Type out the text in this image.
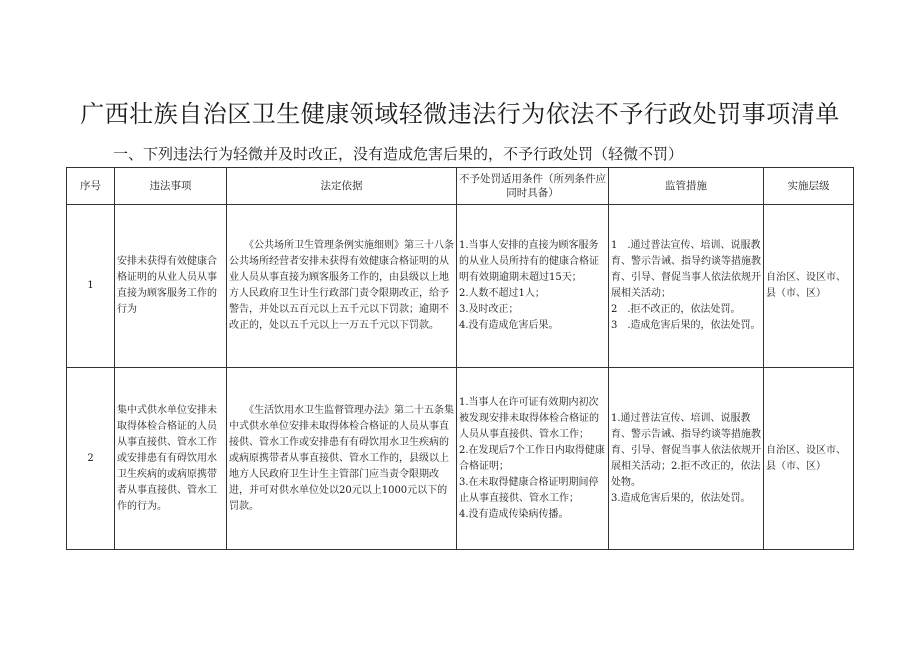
广西壮族自治区卫生健康领域轻微违法行为依法不予行政处罚事项清单
一、下列违法行为轻微并及时改正，没有造成危害后果的，不予行政处罚（轻微不罚）
序号	违法事项	法定依据	不予处罚适用条件（所列条件应同时具备）	监管措施	实施层级
1	安排未获得有效健康合格证明的从业人员从事直接为顾客服务工作的行为	《公共场所卫生管理条例实施细则》第三十八条公共场所经营者安排未获得有效健康合格证明的从业人员从事直接为顾客服务工作的，由县级以上地方人民政府卫生计生行政部门责令限期改正，给予警告，并处以五百元以上五千元以下罚款；逾期不改正的，处以五千元以上一万五千元以下罚款。	1.当事人安排的直接为顾客服务的从业人员所持有的健康合格证明有效期逾期未超过15天；
2.人数不超过1人；
3.及时改正；
4.没有造成危害后果。	1　.通过普法宣传、培训、说服教育、警示告诫、指导约谈等措施教育、引导、督促当事人依法依规开展相关活动；
2　.拒不改正的，依法处罚。
3　.造成危害后果的，依法处罚。	自治区、设区市、县（市、区）
2	集中式供水单位安排未取得体检合格证的人员从事直接供、管水工作或安排患有有碍饮用水卫生疾病的或病原携带者从事直接供、管水工作的行为。	《生活饮用水卫生监督管理办法》第二十五条集中式供水单位安排未取得体检合格证的人员从事直接供、管水工作或安排患有有碍饮用水卫生疾病的或病原携带者从事直接供、管水工作的，县级以上地方人民政府卫生计生主管部门应当责令限期改进，并可对供水单位处以20元以上1000元以下的罚款。	1.当事人在许可证有效期内初次被发现安排未取得体检合格证的人员从事直接供、管水工作；
2.在发现后7个工作日内取得健康合格证明；
3.在未取得健康合格证明期间停止从事直接供、管水工作；
4.没有造成传染病传播。	1.通过普法宣传、培训、说服教育、警示告诫、指导约谈等措施教育、引导、督促当事人依法依规开展相关活动；2.拒不改正的，依法处物。
3.造成危害后果的，依法处罚。	自治区、设区市、县（市、区）
